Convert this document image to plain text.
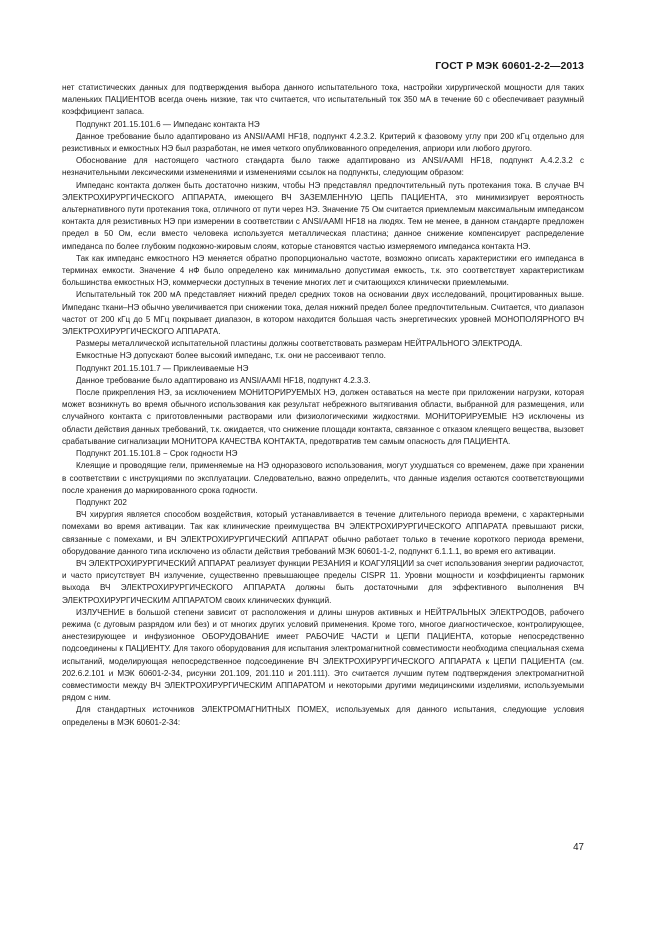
ГОСТ Р МЭК 60601-2-2—2013

нет статистических данных для подтверждения выбора данного испытательного тока, настройки хирургической мощности для таких маленьких ПАЦИЕНТОВ всегда очень низкие, так что считается, что испытательный ток 350 мА в течение 60 с обеспечивает разумный коэффициент запаса.

Подпункт 201.15.101.6 — Импеданс контакта НЭ

Данное требование было адаптировано из ANSI/AAMI HF18, подпункт 4.2.3.2. Критерий к фазовому углу при 200 кГц отдельно для резистивных и емкостных НЭ был разработан, не имея четкого опубликованного определения, априори или любого другого.

Обоснование для настоящего частного стандарта было также адаптировано из ANSI/AAMI HF18, подпункт А.4.2.3.2 с незначительными лексическими изменениями и изменениями ссылок на подпункты, следующим образом:

Импеданс контакта должен быть достаточно низким, чтобы НЭ представлял предпочтительный путь протекания тока. В случае ВЧ ЭЛЕКТРОХИРУРГИЧЕСКОГО АППАРАТА, имеющего ВЧ ЗАЗЕМЛЕННУЮ ЦЕПЬ ПАЦИЕНТА, это минимизирует вероятность альтернативного пути протекания тока, отличного от пути через НЭ. Значение 75 Ом считается приемлемым максимальным импедансом контакта для резистивных НЭ при измерении в соответствии с ANSI/AAMI HF18 на людях. Тем не менее, в данном стандарте предложен предел в 50 Ом, если вместо человека используется металлическая пластина; данное снижение компенсирует распределение импеданса по более глубоким подкожно-жировым слоям, которые становятся частью измеряемого импеданса контакта НЭ.

Так как импеданс емкостного НЭ меняется обратно пропорционально частоте, возможно описать характеристики его импеданса в терминах емкости. Значение 4 нФ было определено как минимально допустимая емкость, т.к. это соответствует характеристикам большинства емкостных НЭ, коммерчески доступных в течение многих лет и считающихся клинически приемлемыми.

Испытательный ток 200 мА представляет нижний предел средних токов на основании двух исследований, процитированных выше. Импеданс ткани–НЭ обычно увеличивается при снижении тока, делая нижний предел более предпочтительным. Считается, что диапазон частот от 200 кГц до 5 МГц покрывает диапазон, в котором находится большая часть энергетических уровней МОНОПОЛЯРНОГО ВЧ ЭЛЕКТРОХИРУРГИЧЕСКОГО АППАРАТА.

Размеры металлической испытательной пластины должны соответствовать размерам НЕЙТРАЛЬНОГО ЭЛЕКТРОДА.

Емкостные НЭ допускают более высокий импеданс, т.к. они не рассеивают тепло.

Подпункт 201.15.101.7 — Приклеиваемые НЭ

Данное требование было адаптировано из ANSI/AAMI HF18, подпункт 4.2.3.3.

После прикрепления НЭ, за исключением МОНИТОРИРУЕМЫХ НЭ, должен оставаться на месте при приложении нагрузки, которая может возникнуть во время обычного использования как результат небрежного вытягивания области, выбранной для размещения, или случайного контакта с приготовленными растворами или физиологическими жидкостями. МОНИТОРИРУЕМЫЕ НЭ исключены из области действия данных требований, т.к. ожидается, что снижение площади контакта, связанное с отказом клеящего вещества, вызовет срабатывание сигнализации МОНИТОРА КАЧЕСТВА КОНТАКТА, предотвратив тем самым опасность для ПАЦИЕНТА.

Подпункт 201.15.101.8 − Срок годности НЭ

Клеящие и проводящие гели, применяемые на НЭ одноразового использования, могут ухудшаться со временем, даже при хранении в соответствии с инструкциями по эксплуатации. Следовательно, важно определить, что данные изделия остаются соответствующими после хранения до маркированного срока годности.

Подпункт 202

ВЧ хирургия является способом воздействия, который устанавливается в течение длительного периода времени, с характерными помехами во время активации. Так как клинические преимущества ВЧ ЭЛЕКТРОХИРУРГИЧЕСКОГО АППАРАТА превышают риски, связанные с помехами, и ВЧ ЭЛЕКТРОХИРУРГИЧЕСКИЙ АППАРАТ обычно работает только в течение короткого периода времени, оборудование данного типа исключено из области действия требований МЭК 60601-1-2, подпункт 6.1.1.1, во время его активации.

ВЧ ЭЛЕКТРОХИРУРГИЧЕСКИЙ АППАРАТ реализует функции РЕЗАНИЯ и КОАГУЛЯЦИИ за счет использования энергии радиочастот, и часто присутствует ВЧ излучение, существенно превышающее пределы CISPR 11. Уровни мощности и коэффициенты гармоник выхода ВЧ ЭЛЕКТРОХИРУРГИЧЕСКОГО АППАРАТА должны быть достаточными для эффективного выполнения ВЧ ЭЛЕКТРОХИРУРГИЧЕСКИМ АППАРАТОМ своих клинических функций.

ИЗЛУЧЕНИЕ в большой степени зависит от расположения и длины шнуров активных и НЕЙТРАЛЬНЫХ ЭЛЕКТРОДОВ, рабочего режима (с дуговым разрядом или без) и от многих других условий применения. Кроме того, многое диагностическое, контролирующее, анестезирующее и инфузионное ОБОРУДОВАНИЕ имеет РАБОЧИЕ ЧАСТИ и ЦЕПИ ПАЦИЕНТА, которые непосредственно подсоединены к ПАЦИЕНТУ. Для такого оборудования для испытания электромагнитной совместимости необходима специальная схема испытаний, моделирующая непосредственное подсоединение ВЧ ЭЛЕКТРОХИРУРГИЧЕСКОГО АППАРАТА к ЦЕПИ ПАЦИЕНТА (см. 202.6.2.101 и МЭК 60601-2-34, рисунки 201.109, 201.110 и 201.111). Это считается лучшим путем подтверждения электромагнитной совместимости между ВЧ ЭЛЕКТРОХИРУРГИЧЕСКИМ АППАРАТОМ и некоторыми другими медицинскими изделиями, используемыми рядом с ним.

Для стандартных источников ЭЛЕКТРОМАГНИТНЫХ ПОМЕХ, используемых для данного испытания, следующие условия определены в МЭК 60601-2-34:

47
